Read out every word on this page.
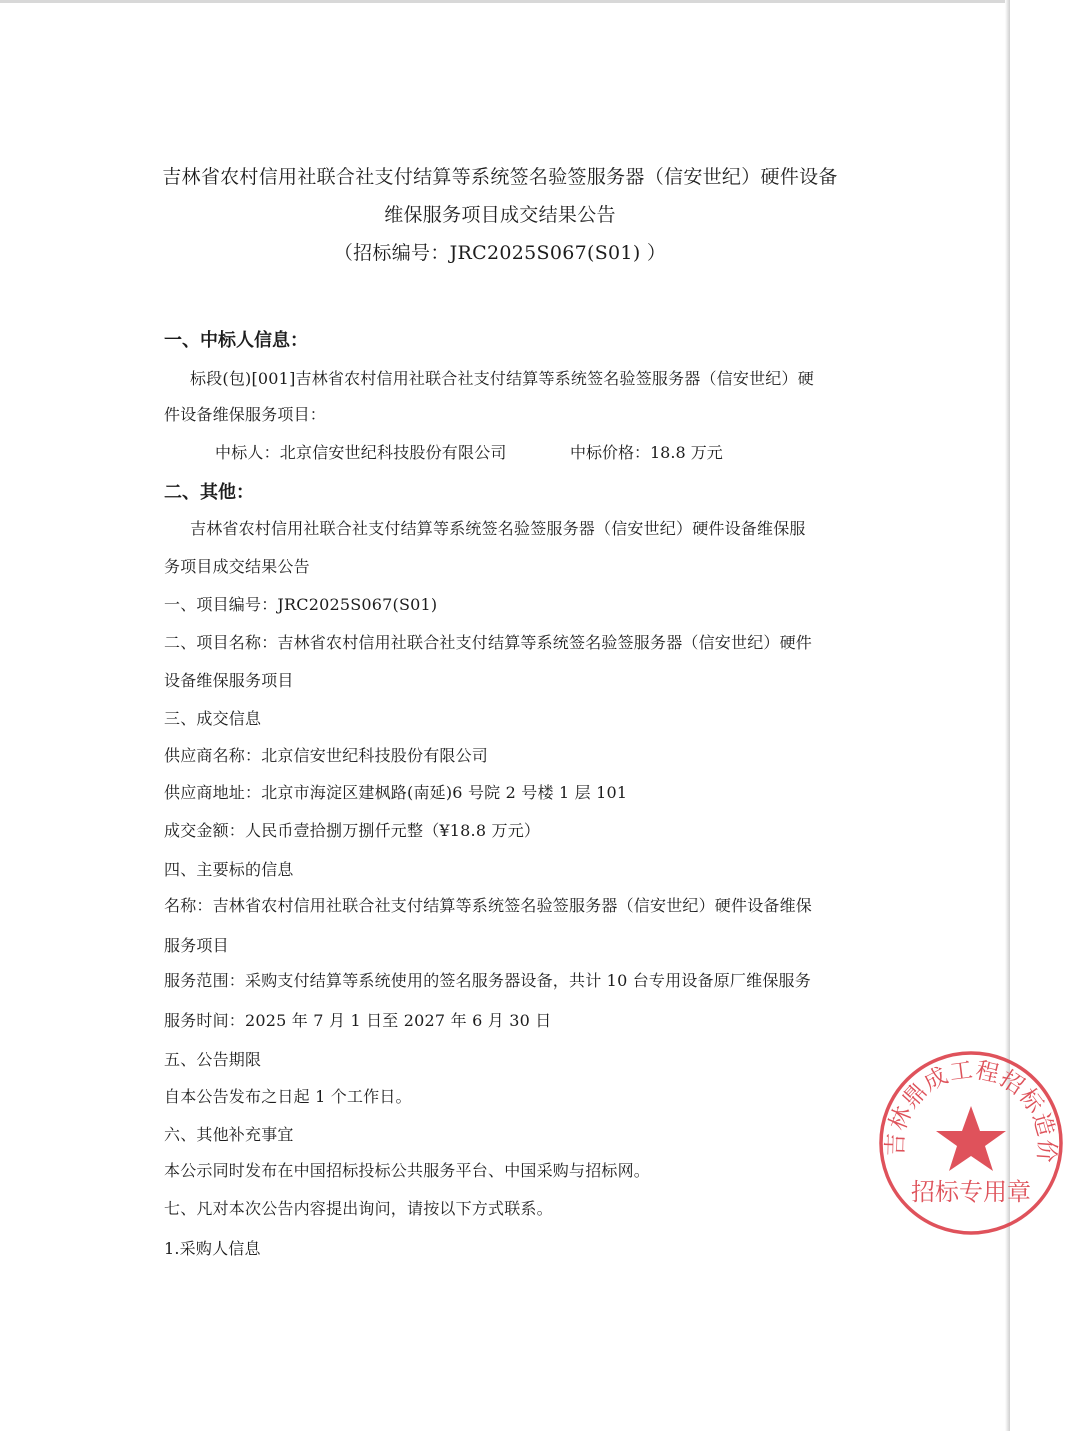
吉林省农村信用社联合社支付结算等系统签名验签服务器（信安世纪）硬件设备
维保服务项目成交结果公告
（招标编号：JRC2025S067(S01) ）
一、中标人信息：
标段(包)[001]吉林省农村信用社联合社支付结算等系统签名验签服务器（信安世纪）硬
件设备维保服务项目：
中标人：北京信安世纪科技股份有限公司	中标价格：18.8 万元
二、其他：
吉林省农村信用社联合社支付结算等系统签名验签服务器（信安世纪）硬件设备维保服
务项目成交结果公告
一、项目编号：JRC2025S067(S01)
二、项目名称：吉林省农村信用社联合社支付结算等系统签名验签服务器（信安世纪）硬件
设备维保服务项目
三、成交信息
供应商名称：北京信安世纪科技股份有限公司
供应商地址：北京市海淀区建枫路(南延)6 号院 2 号楼 1 层 101
成交金额：人民币壹拾捌万捌仟元整（¥18.8 万元）
四、主要标的信息
名称：吉林省农村信用社联合社支付结算等系统签名验签服务器（信安世纪）硬件设备维保
服务项目
服务范围：采购支付结算等系统使用的签名服务器设备，共计 10 台专用设备原厂维保服务
服务时间：2025 年 7 月 1 日至 2027 年 6 月 30 日
五、公告期限
自本公告发布之日起 1 个工作日。
六、其他补充事宜
本公示同时发布在中国招标投标公共服务平台、中国采购与招标网。
七、凡对本次公告内容提出询问，请按以下方式联系。
1.采购人信息
吉林鼎成工程招标造价
招标专用章
